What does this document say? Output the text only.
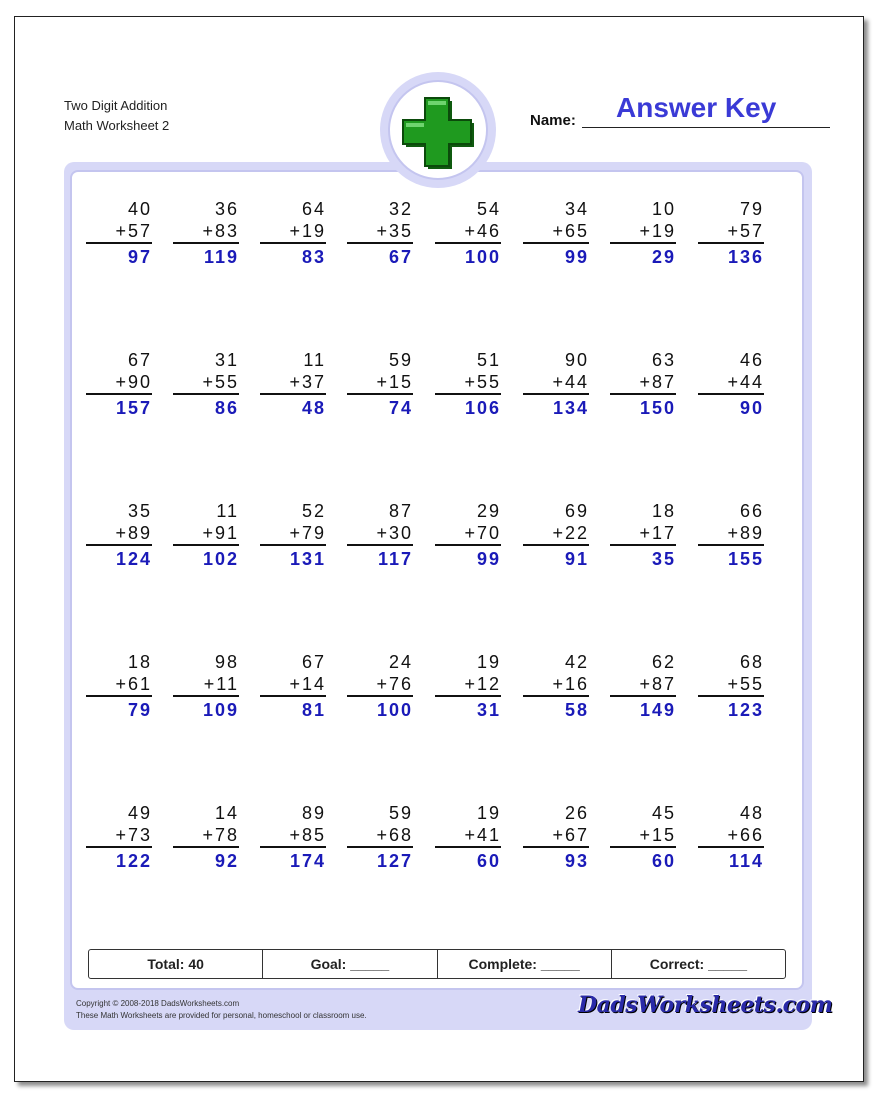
Two Digit Addition
Math Worksheet 2	Name: Answer Key
40
+57
97
36
+83
119
64
+19
83
32
+35
67
54
+46
100
34
+65
99
10
+19
29
79
+57
136
67
+90
157
31
+55
86
11
+37
48
59
+15
74
51
+55
106
90
+44
134
63
+87
150
46
+44
90
35
+89
124
11
+91
102
52
+79
131
87
+30
117
29
+70
99
69
+22
91
18
+17
35
66
+89
155
18
+61
79
98
+11
109
67
+14
81
24
+76
100
19
+12
31
42
+16
58
62
+87
149
68
+55
123
49
+73
122
14
+78
92
89
+85
174
59
+68
127
19
+41
60
26
+67
93
45
+15
60
48
+66
114
Total: 40	Goal: _____	Complete: _____	Correct: _____
Copyright © 2008-2018 DadsWorksheets.com
These Math Worksheets are provided for personal, homeschool or classroom use.	DadsWorksheets.com
